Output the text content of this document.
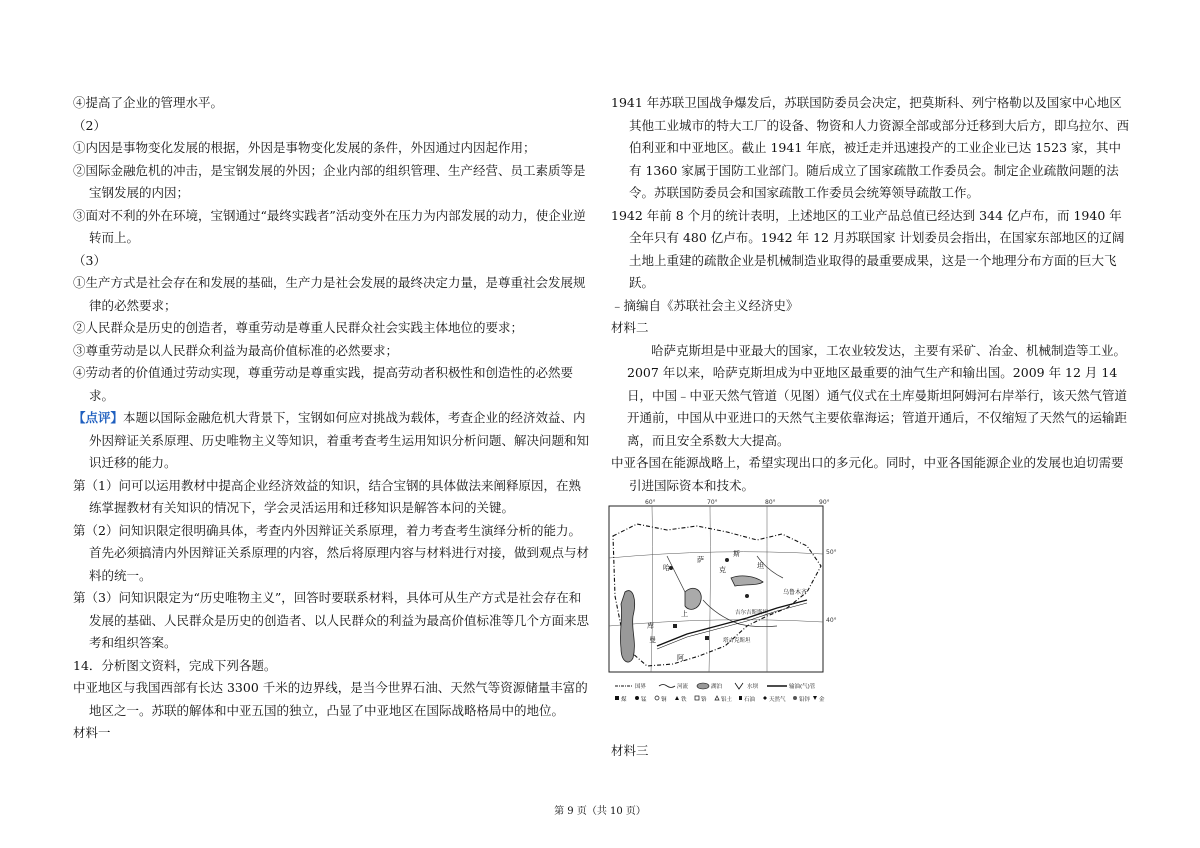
④提高了企业的管理水平。

（2）

①内因是事物变化发展的根据，外因是事物变化发展的条件，外因通过内因起作用；

②国际金融危机的冲击，是宝钢发展的外因；企业内部的组织管理、生产经营、员工素质等是宝钢发展的内因；

③面对不利的外在环境，宝钢通过“最终实践者”活动变外在压力为内部发展的动力，使企业逆转而上。

（3）

①生产方式是社会存在和发展的基础，生产力是社会发展的最终决定力量，是尊重社会发展规律的必然要求；

②人民群众是历史的创造者，尊重劳动是尊重人民群众社会实践主体地位的要求；

③尊重劳动是以人民群众利益为最高价值标准的必然要求；

④劳动者的价值通过劳动实现，尊重劳动是尊重实践，提高劳动者积极性和创造性的必然要求。

【点评】本题以国际金融危机大背景下，宝钢如何应对挑战为载体，考查企业的经济效益、内外因辩证关系原理、历史唯物主义等知识，着重考查考生运用知识分析问题、解决问题和知识迁移的能力。

第（1）问可以运用教材中提高企业经济效益的知识，结合宝钢的具体做法来阐释原因，在熟练掌握教材有关知识的情况下，学会灵活运用和迁移知识是解答本问的关键。

第（2）问知识限定很明确具体，考查内外因辩证关系原理，着力考查考生演绎分析的能力。首先必须搞清内外因辩证关系原理的内容，然后将原理内容与材料进行对接，做到观点与材料的统一。

第（3）问知识限定为“历史唯物主义”，回答时要联系材料，具体可从生产方式是社会存在和发展的基础、人民群众是历史的创造者、以人民群众的利益为最高价值标准等几个方面来思考和组织答案。

14．分析图文资料，完成下列各题。

中亚地区与我国西部有长达 3300 千米的边界线，是当今世界石油、天然气等资源储量丰富的 地区之一。苏联的解体和中亚五国的独立，凸显了中亚地区在国际战略格局中的地位。

材料一

1941 年苏联卫国战争爆发后，苏联国防委员会决定，把莫斯科、列宁格勒以及国家中心地区其他工业城市的特大工厂的设备、物资和人力资源全部或部分迁移到大后方，即乌拉尔、西伯利亚和中亚地区。截止 1941 年底，被迁走并迅速投产的工业企业已达 1523 家，其中有 1360 家属于国防工业部门。随后成立了国家疏散工作委员会。制定企业疏散问题的法令。苏联国防委员会和国家疏散工作委员会统筹领导疏散工作。

1942 年前 8 个月的统计表明，上述地区的工业产品总值已经达到 344 亿卢布，而 1940 年全年只有 480 亿卢布。1942 年 12 月苏联国家 计划委员会指出，在国家东部地区的辽阔土地上重建的疏散企业是机械制造业取得的最重要成果，这是一个地理分布方面的巨大飞跃。

﹣摘编自《苏联社会主义经济史》

材料二

哈萨克斯坦是中亚最大的国家，工农业较发达，主要有采矿、冶金、机械制造等工业。2007 年以来，哈萨克斯坦成为中亚地区最重要的油气生产和输出国。2009 年 12 月 14 日，中国﹣中亚天然气管道（见图）通气仪式在土库曼斯坦阿姆河右岸举行，该天然气管道开通前，中国从中亚进口的天然气主要依靠海运；管道开通后，不仅缩短了天然气的运输距离，而且安全系数大大提高。

中亚各国在能源战略上，希望实现出口的多元化。同时，中亚各国能源企业的发展也迫切需要引进国际资本和技术。

60°	70°	80°	90°
50°
40°
哈
萨
克
斯
坦
乌鲁木齐
库
上
曼
吉尔吉斯斯坦
塔吉克斯坦
阿
国界	河流	湖泊	水坝	输油(气)管
煤	锰	铜	铁	铬	铝土 石油	天然气 铅锌 金
材料三
第 9 页（共 10 页）
